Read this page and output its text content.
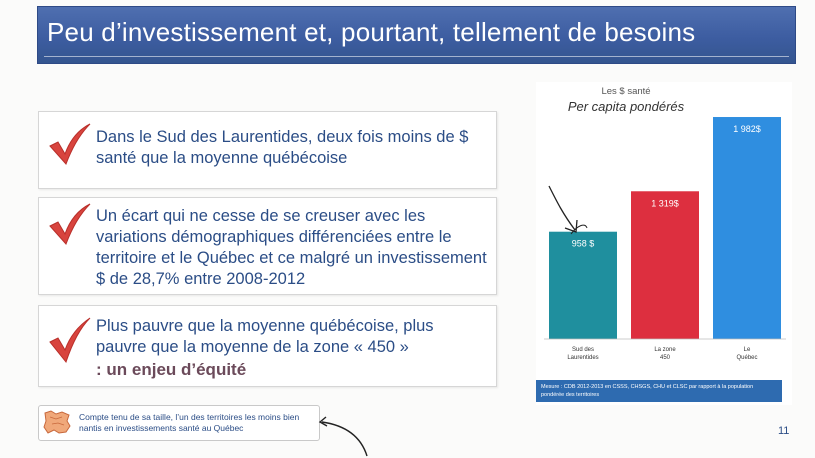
Peu d’investissement et, pourtant, tellement de besoins
Dans le Sud des Laurentides, deux fois moins de $ santé que la moyenne québécoise
Un écart qui ne cesse de se creuser avec les variations démographiques différenciées entre le territoire et le Québec et ce malgré un investissement $ de 28,7% entre 2008-2012
Plus pauvre que la moyenne québécoise, plus pauvre que la moyenne de la zone « 450 »
: un enjeu d’équité
Compte tenu de sa taille, l’un des territoires les moins bien nantis en investissements santé au Québec
Les $ santé
Per capita pondérés
958 $
Sud des
Laurentides
1 319$
La zone
450
1 982$
Le
Québec
Mesure : CDB 2012-2013 en CSSS, CHSGS, CHU et CLSC par rapport à la population pondérée des territoires
11
